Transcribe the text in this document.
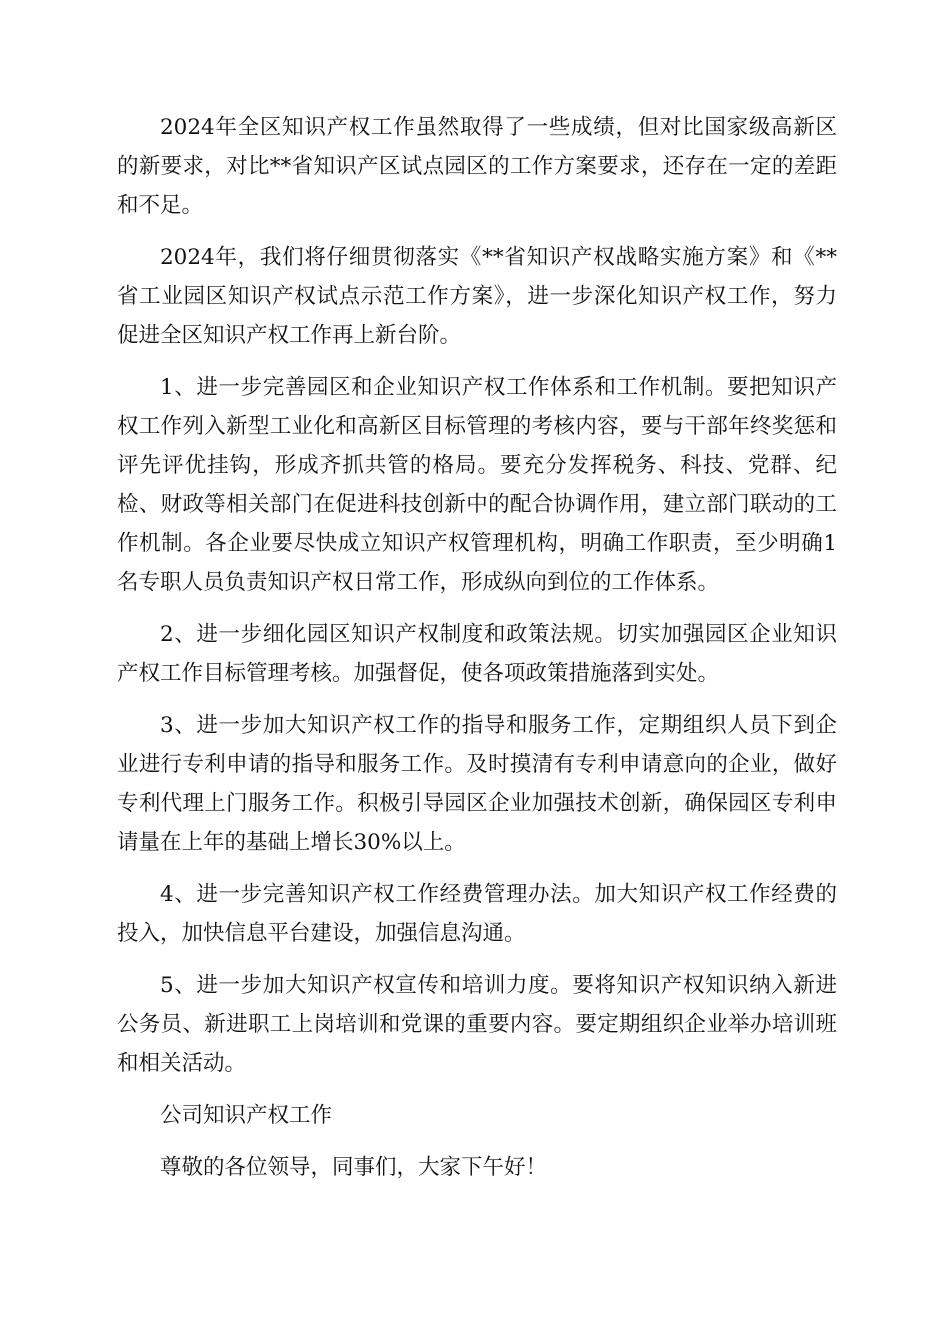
2024年全区知识产权工作虽然取得了一些成绩，但对比国家级高新区的新要求，对比**省知识产区试点园区的工作方案要求，还存在一定的差距和不足。

2024年，我们将仔细贯彻落实《**省知识产权战略实施方案》和《**省工业园区知识产权试点示范工作方案》，进一步深化知识产权工作，努力促进全区知识产权工作再上新台阶。

1、进一步完善园区和企业知识产权工作体系和工作机制。要把知识产权工作列入新型工业化和高新区目标管理的考核内容，要与干部年终奖惩和评先评优挂钩，形成齐抓共管的格局。要充分发挥税务、科技、党群、纪检、财政等相关部门在促进科技创新中的配合协调作用，建立部门联动的工作机制。各企业要尽快成立知识产权管理机构，明确工作职责，至少明确1名专职人员负责知识产权日常工作，形成纵向到位的工作体系。

2、进一步细化园区知识产权制度和政策法规。切实加强园区企业知识产权工作目标管理考核。加强督促，使各项政策措施落到实处。

3、进一步加大知识产权工作的指导和服务工作，定期组织人员下到企业进行专利申请的指导和服务工作。及时摸清有专利申请意向的企业，做好专利代理上门服务工作。积极引导园区企业加强技术创新，确保园区专利申请量在上年的基础上增长30%以上。

4、进一步完善知识产权工作经费管理办法。加大知识产权工作经费的投入，加快信息平台建设，加强信息沟通。

5、进一步加大知识产权宣传和培训力度。要将知识产权知识纳入新进公务员、新进职工上岗培训和党课的重要内容。要定期组织企业举办培训班和相关活动。

公司知识产权工作

尊敬的各位领导，同事们，大家下午好！
